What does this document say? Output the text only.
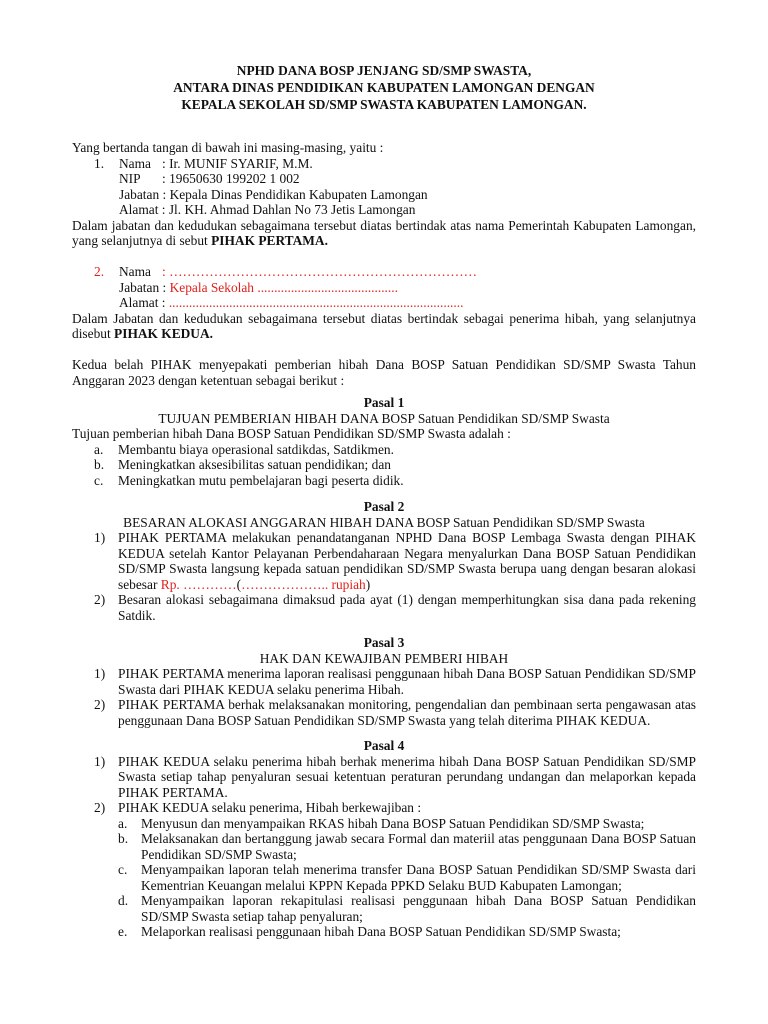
NPHD DANA BOSP JENJANG SD/SMP SWASTA,
ANTARA DINAS PENDIDIKAN KABUPATEN LAMONGAN DENGAN
KEPALA SEKOLAH SD/SMP SWASTA KABUPATEN LAMONGAN.
Yang bertanda tangan di bawah ini masing-masing, yaitu :
1. Nama : Ir. MUNIF SYARIF, M.M.
NIP : 19650630 199202 1 002
Jabatan : Kepala Dinas Pendidikan Kabupaten Lamongan
Alamat : Jl. KH. Ahmad Dahlan No 73 Jetis Lamongan
Dalam jabatan dan kedudukan sebagaimana tersebut diatas bertindak atas nama Pemerintah Kabupaten Lamongan, yang selanjutnya di sebut PIHAK PERTAMA.
2. Nama : ……………………………………………………………
Jabatan : Kepala Sekolah ..........................................
Alamat : ........................................................................................
Dalam Jabatan dan kedudukan sebagaimana tersebut diatas bertindak sebagai penerima hibah, yang selanjutnya disebut PIHAK KEDUA.
Kedua belah PIHAK menyepakati pemberian hibah Dana BOSP Satuan Pendidikan SD/SMP Swasta Tahun Anggaran 2023 dengan ketentuan sebagai berikut :
Pasal 1
TUJUAN PEMBERIAN HIBAH DANA BOSP Satuan Pendidikan SD/SMP Swasta
Tujuan pemberian hibah Dana BOSP Satuan Pendidikan SD/SMP Swasta adalah :
a. Membantu biaya operasional satdikdas, Satdikmen.
b. Meningkatkan aksesibilitas satuan pendidikan; dan
c. Meningkatkan mutu pembelajaran bagi peserta didik.
Pasal 2
BESARAN ALOKASI ANGGARAN HIBAH DANA BOSP Satuan Pendidikan SD/SMP Swasta
1) PIHAK PERTAMA melakukan penandatanganan NPHD Dana BOSP Lembaga Swasta dengan PIHAK KEDUA setelah Kantor Pelayanan Perbendaharaan Negara menyalurkan Dana BOSP Satuan Pendidikan SD/SMP Swasta langsung kepada satuan pendidikan SD/SMP Swasta berupa uang dengan besaran alokasi sebesar Rp. …………(……………….. rupiah)
2) Besaran alokasi sebagaimana dimaksud pada ayat (1) dengan memperhitungkan sisa dana pada rekening Satdik.
Pasal 3
HAK DAN KEWAJIBAN PEMBERI HIBAH
1) PIHAK PERTAMA menerima laporan realisasi penggunaan hibah Dana BOSP Satuan Pendidikan SD/SMP Swasta dari PIHAK KEDUA selaku penerima Hibah.
2) PIHAK PERTAMA berhak melaksanakan monitoring, pengendalian dan pembinaan serta pengawasan atas penggunaan Dana BOSP Satuan Pendidikan SD/SMP Swasta yang telah diterima PIHAK KEDUA.
Pasal 4
1) PIHAK KEDUA selaku penerima hibah berhak menerima hibah Dana BOSP Satuan Pendidikan SD/SMP Swasta setiap tahap penyaluran sesuai ketentuan peraturan perundang undangan dan melaporkan kepada PIHAK PERTAMA.
2) PIHAK KEDUA selaku penerima, Hibah berkewajiban :
a. Menyusun dan menyampaikan RKAS hibah Dana BOSP Satuan Pendidikan SD/SMP Swasta;
b. Melaksanakan dan bertanggung jawab secara Formal dan materiil atas penggunaan Dana BOSP Satuan Pendidikan SD/SMP Swasta;
c. Menyampaikan laporan telah menerima transfer Dana BOSP Satuan Pendidikan SD/SMP Swasta dari Kementrian Keuangan melalui KPPN Kepada PPKD Selaku BUD Kabupaten Lamongan;
d. Menyampaikan laporan rekapitulasi realisasi penggunaan hibah Dana BOSP Satuan Pendidikan SD/SMP Swasta setiap tahap penyaluran;
e. Melaporkan realisasi penggunaan hibah Dana BOSP Satuan Pendidikan SD/SMP Swasta;
